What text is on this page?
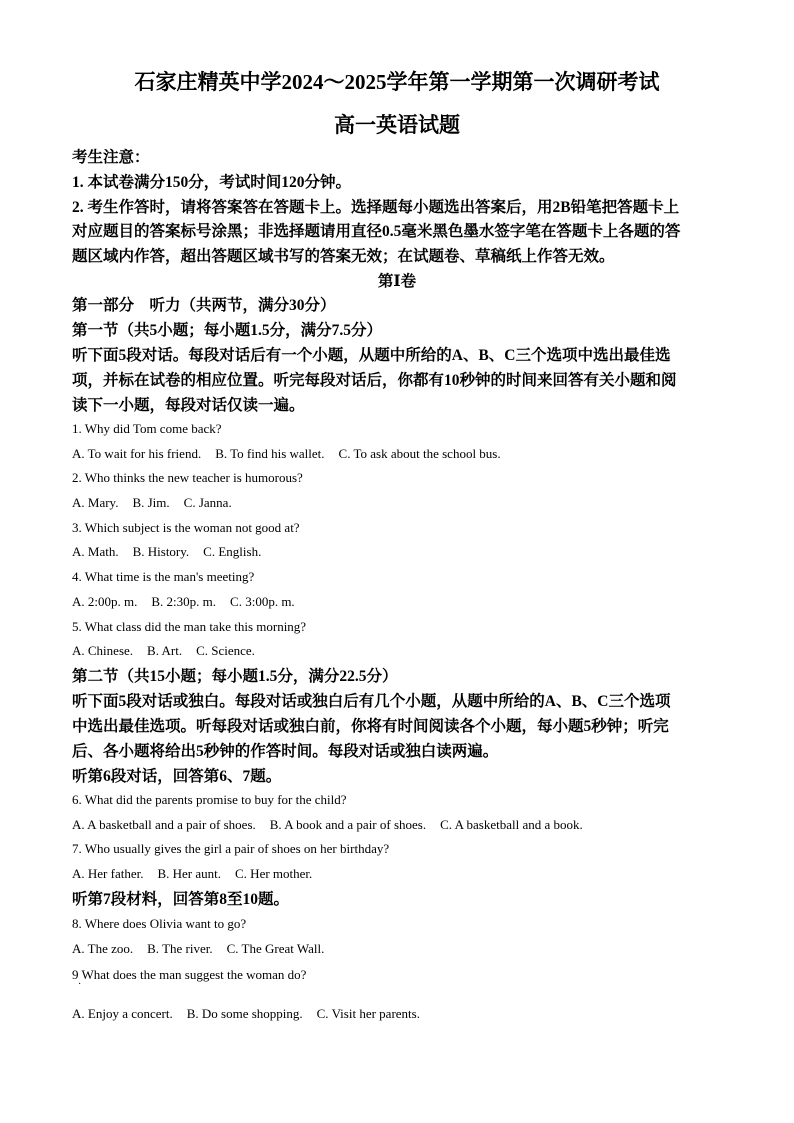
石家庄精英中学2024～2025学年第一学期第一次调研考试
高一英语试题
考生注意：
1. 本试卷满分150分，考试时间120分钟。
2. 考生作答时，请将答案答在答题卡上。选择题每小题选出答案后，用2B铅笔把答题卡上
对应题目的答案标号涂黑；非选择题请用直径0.5毫米黑色墨水签字笔在答题卡上各题的答
题区域内作答，超出答题区域书写的答案无效；在试题卷、草稿纸上作答无效。
第Ⅰ卷
第一部分　听力（共两节，满分30分）
第一节（共5小题；每小题1.5分，满分7.5分）
听下面5段对话。每段对话后有一个小题，从题中所给的A、B、C三个选项中选出最佳选
项，并标在试卷的相应位置。听完每段对话后，你都有10秒钟的时间来回答有关小题和阅
读下一小题，每段对话仅读一遍。
1. Why did Tom come back?
A. To wait for his friend. B. To find his wallet. C. To ask about the school bus.
2. Who thinks the new teacher is humorous?
A. Mary. B. Jim. C. Janna.
3. Which subject is the woman not good at?
A. Math. B. History. C. English.
4. What time is the man's meeting?
A. 2:00p. m. B. 2:30p. m. C. 3:00p. m.
5. What class did the man take this morning?
A. Chinese. B. Art. C. Science.
第二节（共15小题；每小题1.5分，满分22.5分）
听下面5段对话或独白。每段对话或独白后有几个小题，从题中所给的A、B、C三个选项
中选出最佳选项。听每段对话或独白前，你将有时间阅读各个小题，每小题5秒钟；听完
后、各小题将给出5秒钟的作答时间。每段对话或独白读两遍。
听第6段对话，回答第6、7题。
6. What did the parents promise to buy for the child?
A. A basketball and a pair of shoes. B. A book and a pair of shoes. C. A basketball and a book.
7. Who usually gives the girl a pair of shoes on her birthday?
A. Her father. B. Her aunt. C. Her mother.
听第7段材料，回答第8至10题。
8. Where does Olivia want to go?
A. The zoo. B. The river. C. The Great Wall.
9 What does the man suggest the woman do?
·
A. Enjoy a concert. B. Do some shopping. C. Visit her parents.
